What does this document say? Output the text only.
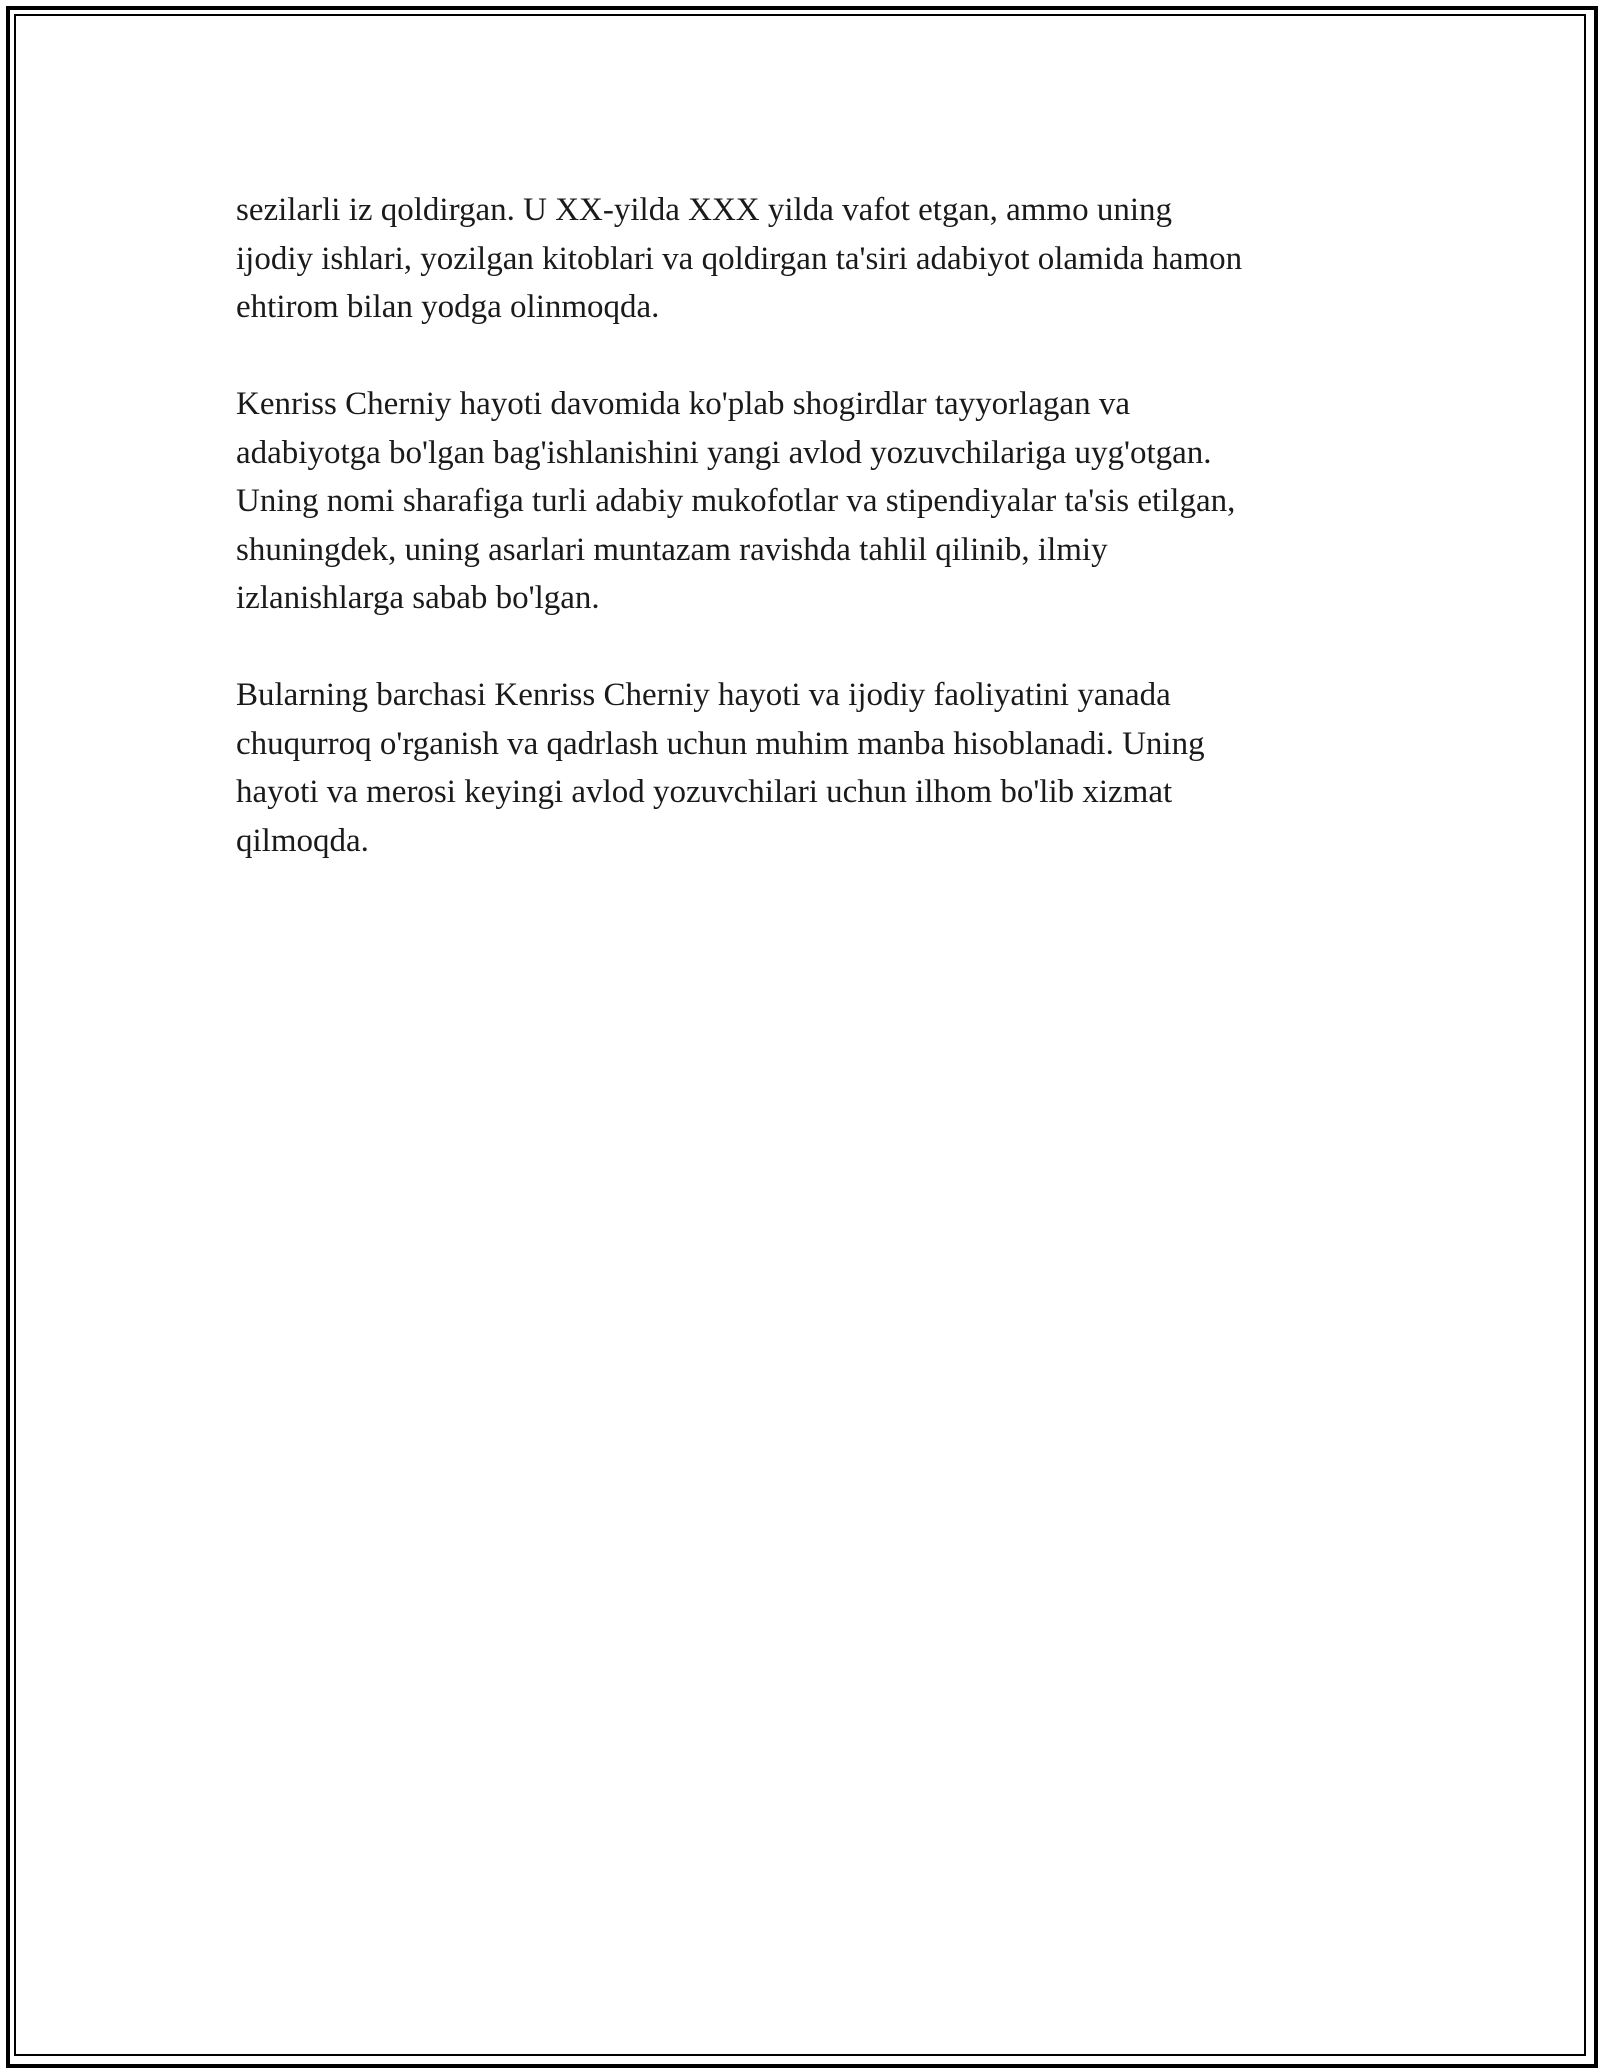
sezilarli iz qoldirgan. U XX-yilda XXX yilda vafot etgan, ammo uning
ijodiy ishlari, yozilgan kitoblari va qoldirgan ta'siri adabiyot olamida hamon
ehtirom bilan yodga olinmoqda.

Kenriss Cherniy hayoti davomida ko'plab shogirdlar tayyorlagan va
adabiyotga bo'lgan bag'ishlanishini yangi avlod yozuvchilariga uyg'otgan.
Uning nomi sharafiga turli adabiy mukofotlar va stipendiyalar ta'sis etilgan,
shuningdek, uning asarlari muntazam ravishda tahlil qilinib, ilmiy
izlanishlarga sabab bo'lgan.

Bularning barchasi Kenriss Cherniy hayoti va ijodiy faoliyatini yanada
chuqurroq o'rganish va qadrlash uchun muhim manba hisoblanadi. Uning
hayoti va merosi keyingi avlod yozuvchilari uchun ilhom bo'lib xizmat
qilmoqda.
